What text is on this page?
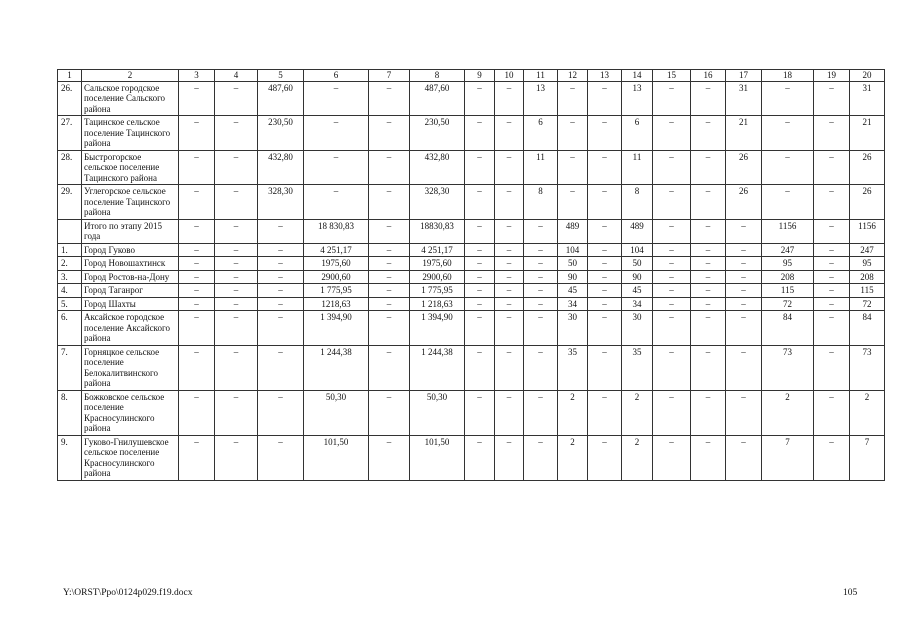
1	2	3	4	5	6	7	8	9	10	11	12	13	14	15	16	17	18	19	20
26.	Сальское городское поселение Сальского района	–	–	487,60	–	–	487,60	–	–	13	–	–	13	–	–	31	–	–	31
27.	Тацинское сельское поселение Тацинского района	–	–	230,50	–	–	230,50	–	–	6	–	–	6	–	–	21	–	–	21
28.	Быстрогорское сельское поселение Тацинского района	–	–	432,80	–	–	432,80	–	–	11	–	–	11	–	–	26	–	–	26
29.	Углегорское сельское поселение Тацинского района	–	–	328,30	–	–	328,30	–	–	8	–	–	8	–	–	26	–	–	26
	Итого по этапу 2015 года	–	–	–	18 830,83	–	18830,83	–	–	–	489	–	489	–	–	–	1156	–	1156
1.	Город Гуково	–	–	–	4 251,17	–	4 251,17	–	–	–	104	–	104	–	–	–	247	–	247
2.	Город Новошахтинск	–	–	–	1975,60	–	1975,60	–	–	–	50	–	50	–	–	–	95	–	95
3.	Город Ростов-на-Дону	–	–	–	2900,60	–	2900,60	–	–	–	90	–	90	–	–	–	208	–	208
4.	Город Таганрог	–	–	–	1 775,95	–	1 775,95	–	–	–	45	–	45	–	–	–	115	–	115
5.	Город Шахты	–	–	–	1218,63	–	1 218,63	–	–	–	34	–	34	–	–	–	72	–	72
6.	Аксайское городское поселение Аксайского района	–	–	–	1 394,90	–	1 394,90	–	–	–	30	–	30	–	–	–	84	–	84
7.	Горняцкое сельское поселение Белокалитвинского района	–	–	–	1 244,38	–	1 244,38	–	–	–	35	–	35	–	–	–	73	–	73
8.	Божковское сельское поселение Красносулинского района	–	–	–	50,30	–	50,30	–	–	–	2	–	2	–	–	–	2	–	2
9.	Гуково-Гнилушевское сельское поселение Красносулинского района	–	–	–	101,50	–	101,50	–	–	–	2	–	2	–	–	–	7	–	7
Y:\ORST\Ppo\0124p029.f19.docx	105
